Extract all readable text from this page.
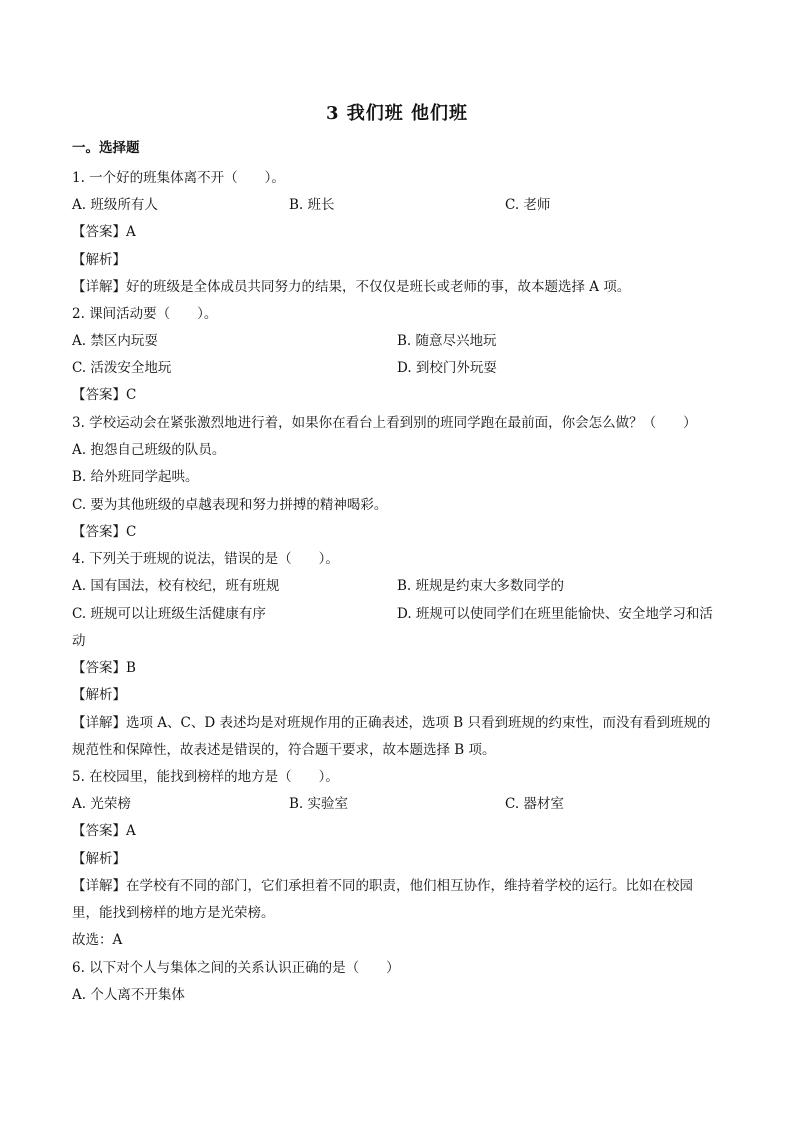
3 我们班 他们班
一。选择题
1. 一个好的班集体离不开（　　）。
A. 班级所有人	B. 班长	C. 老师
【答案】A
【解析】
【详解】好的班级是全体成员共同努力的结果，不仅仅是班长或老师的事，故本题选择 A 项。
2. 课间活动要（　　）。
A. 禁区内玩耍	B. 随意尽兴地玩
C. 活泼安全地玩	D. 到校门外玩耍
【答案】C
3. 学校运动会在紧张激烈地进行着，如果你在看台上看到别的班同学跑在最前面，你会怎么做？（　　）
A. 抱怨自己班级的队员。
B. 给外班同学起哄。
C. 要为其他班级的卓越表现和努力拼搏的精神喝彩。
【答案】C
4. 下列关于班规的说法，错误的是（　　）。
A. 国有国法，校有校纪，班有班规	B. 班规是约束大多数同学的
C. 班规可以让班级生活健康有序	D. 班规可以使同学们在班里能愉快、安全地学习和活
动
【答案】B
【解析】
【详解】选项 A、C、D 表述均是对班规作用的正确表述，选项 B 只看到班规的约束性，而没有看到班规的
规范性和保障性，故表述是错误的，符合题干要求，故本题选择 B 项。
5. 在校园里，能找到榜样的地方是（　　）。
A. 光荣榜	B. 实验室	C. 器材室
【答案】A
【解析】
【详解】在学校有不同的部门，它们承担着不同的职责，他们相互协作，维持着学校的运行。比如在校园
里，能找到榜样的地方是光荣榜。
故选：A
6. 以下对个人与集体之间的关系认识正确的是（　　）
A. 个人离不开集体
